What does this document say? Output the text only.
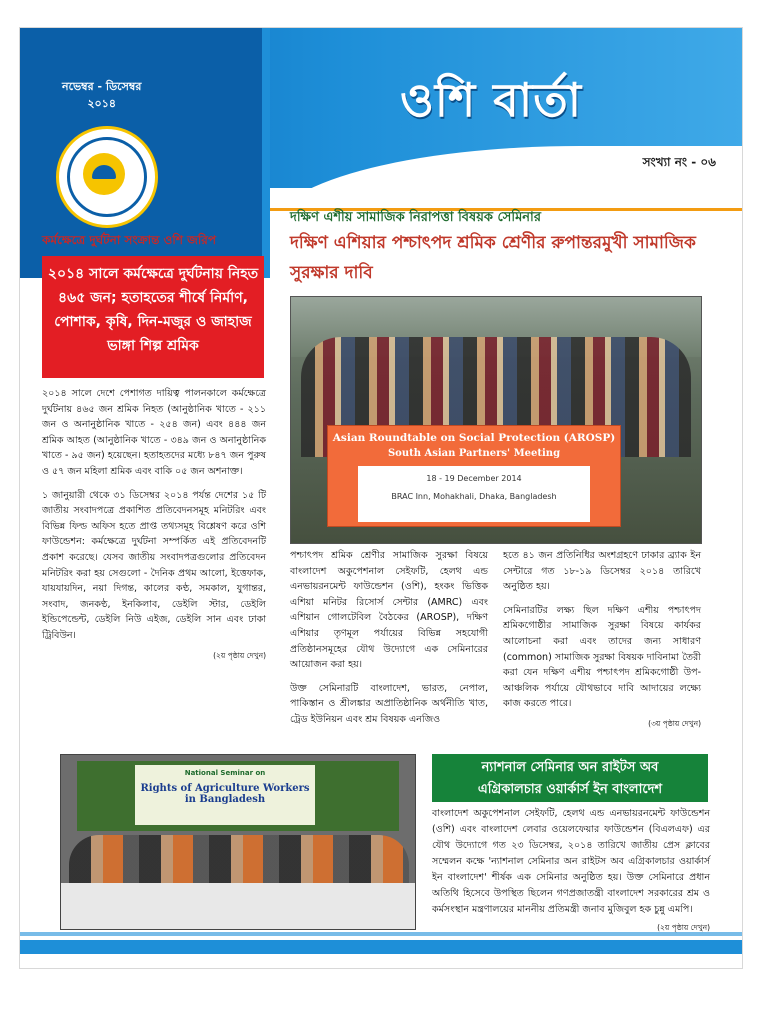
নভেম্বর - ডিসেম্বর
২০১৪	ওশি বার্তা
সংখ্যা নং - ০৬
কর্মক্ষেত্রে দুর্ঘটনা সংক্রান্ত ওশি জরিপ
২০১৪ সালে কর্মক্ষেত্রে দুর্ঘটনায় নিহত ৪৬৫ জন; হতাহতের শীর্ষে নির্মাণ, পোশাক, কৃষি, দিন-মজুর ও জাহাজ ভাঙ্গা শিল্প শ্রমিক

২০১৪ সালে দেশে পেশাগত দায়িত্ব পালনকালে কর্মক্ষেত্রে দুর্ঘটনায় ৪৬৫ জন শ্রমিক নিহত (আনুষ্ঠানিক খাতে - ২১১ জন ও অনানুষ্ঠানিক খাতে - ২৫৪ জন) এবং ৪৪৪ জন শ্রমিক আহত (আনুষ্ঠানিক খাতে - ৩৪৯ জন ও অনানুষ্ঠানিক খাতে - ৯৫ জন) হয়েছেন। হতাহতদের মধ্যে ৮৪৭ জন পুরুষ ও ৫৭ জন মহিলা শ্রমিক এবং বাকি ০৫ জন অশনাক্ত।

১ জানুয়ারী থেকে ৩১ ডিসেম্বর ২০১৪ পর্যন্ত দেশের ১৫ টি জাতীয় সংবাদপত্রে প্রকাশিত প্রতিবেদনসমূহ মনিটরিং এবং বিভিন্ন ফিল্ড অফিস হতে প্রাপ্ত তথ্যসমূহ বিশ্লেষণ করে ওশি ফাউন্ডেশন: কর্মক্ষেত্রে দুর্ঘটনা সম্পর্কিত এই প্রতিবেদনটি প্রকাশ করেছে। যেসব জাতীয় সংবাদপত্রগুলোর প্রতিবেদন মনিটরিং করা হয় সেগুলো - দৈনিক প্রথম আলো, ইত্তেফাক, যায়যায়দিন, নয়া দিগন্ত, কালের কণ্ঠ, সমকাল, যুগান্তর, সংবাদ, জনকণ্ঠ, ইনকিলাব, ডেইলি স্টার, ডেইলি ইন্ডিপেন্ডেন্ট, ডেইলি নিউ এইজ, ডেইলি সান এবং ঢাকা ট্রিবিউন।

(২য় পৃষ্ঠায় দেখুন)
দক্ষিণ এশীয় সামাজিক নিরাপত্তা বিষয়ক সেমিনার
দক্ষিণ এশিয়ার পশ্চাৎপদ শ্রমিক শ্রেণীর রুপান্তরমুখী সামাজিক সুরক্ষার দাবি
Asian Roundtable on Social Protection (AROSP)
South Asian Partners' Meeting
18 - 19 December 2014
BRAC Inn, Mohakhali, Dhaka, Bangladesh

পশ্চাৎপদ শ্রমিক শ্রেণীর সামাজিক সুরক্ষা বিষয়ে বাংলাদেশ অকুপেশনাল সেইফটি, হেলথ এন্ড এনভায়রনমেন্ট ফাউন্ডেশন (ওশি), হংকং ভিত্তিক এশিয়া মনিটর রিসোর্স সেন্টার (AMRC) এবং এশিয়ান গোলটেবিল বৈঠকের (AROSP), দক্ষিণ এশিয়ার তৃণমূল পর্যায়ের বিভিন্ন সহযোগী প্রতিষ্ঠানসমূহের যৌথ উদ্যোগে এক সেমিনারের আয়োজন করা হয়।

উক্ত সেমিনারটি বাংলাদেশ, ভারত, নেপাল, পাকিস্তান ও শ্রীলঙ্কার অপ্রাতিষ্ঠানিক অর্থনীতি খাত, ট্রেড ইউনিয়ন এবং শ্রম বিষয়ক এনজিও

হতে ৪১ জন প্রতিনিধির অংশগ্রহণে ঢাকার ব্র্যাক ইন সেন্টারে গত ১৮-১৯ ডিসেম্বর ২০১৪ তারিখে অনুষ্ঠিত হয়।

সেমিনারটির লক্ষ্য ছিল দক্ষিণ এশীয় পশ্চাৎপদ শ্রমিকগোষ্ঠীর সামাজিক সুরক্ষা বিষয়ে কার্যকর আলোচনা করা এবং তাদের জন্য সাধারণ (common) সামাজিক সুরক্ষা বিষয়ক দাবিনামা তৈরী করা যেন দক্ষিণ এশীয় পশ্চাৎপদ শ্রমিকগোষ্ঠী উপ-আঞ্চলিক পর্যায়ে যৌথভাবে দাবি আদায়ের লক্ষ্যে কাজ করতে পারে।

(৩য় পৃষ্ঠায় দেখুন)
National Seminar on
Rights of Agriculture Workers in Bangladesh
ন্যাশনাল সেমিনার অন রাইটস অব
এগ্রিকালচার ওয়ার্কার্স ইন বাংলাদেশ
বাংলাদেশ অকুপেশনাল সেইফটি, হেলথ এন্ড এনভায়রনমেন্ট ফাউন্ডেশন (ওশি) এবং বাংলাদেশ লেবার ওয়েলফেয়ার ফাউন্ডেশন (বিএলএফ) এর যৌথ উদ্যোগে গত ২৩ ডিসেম্বর, ২০১৪ তারিখে জাতীয় প্রেস ক্লাবের সম্মেলন কক্ষে 'ন্যাশনাল সেমিনার অন রাইটস অব এগ্রিকালচার ওয়ার্কার্স ইন বাংলাদেশ' শীর্ষক এক সেমিনার অনুষ্ঠিত হয়। উক্ত সেমিনারে প্রধান অতিথি হিসেবে উপস্থিত ছিলেন গণপ্রজাতন্ত্রী বাংলাদেশ সরকারের শ্রম ও কর্মসংস্থান মন্ত্রণালয়ের মাননীয় প্রতিমন্ত্রী জনাব মুজিবুল হক চুন্নু এমপি।
(২য় পৃষ্ঠায় দেখুন)
